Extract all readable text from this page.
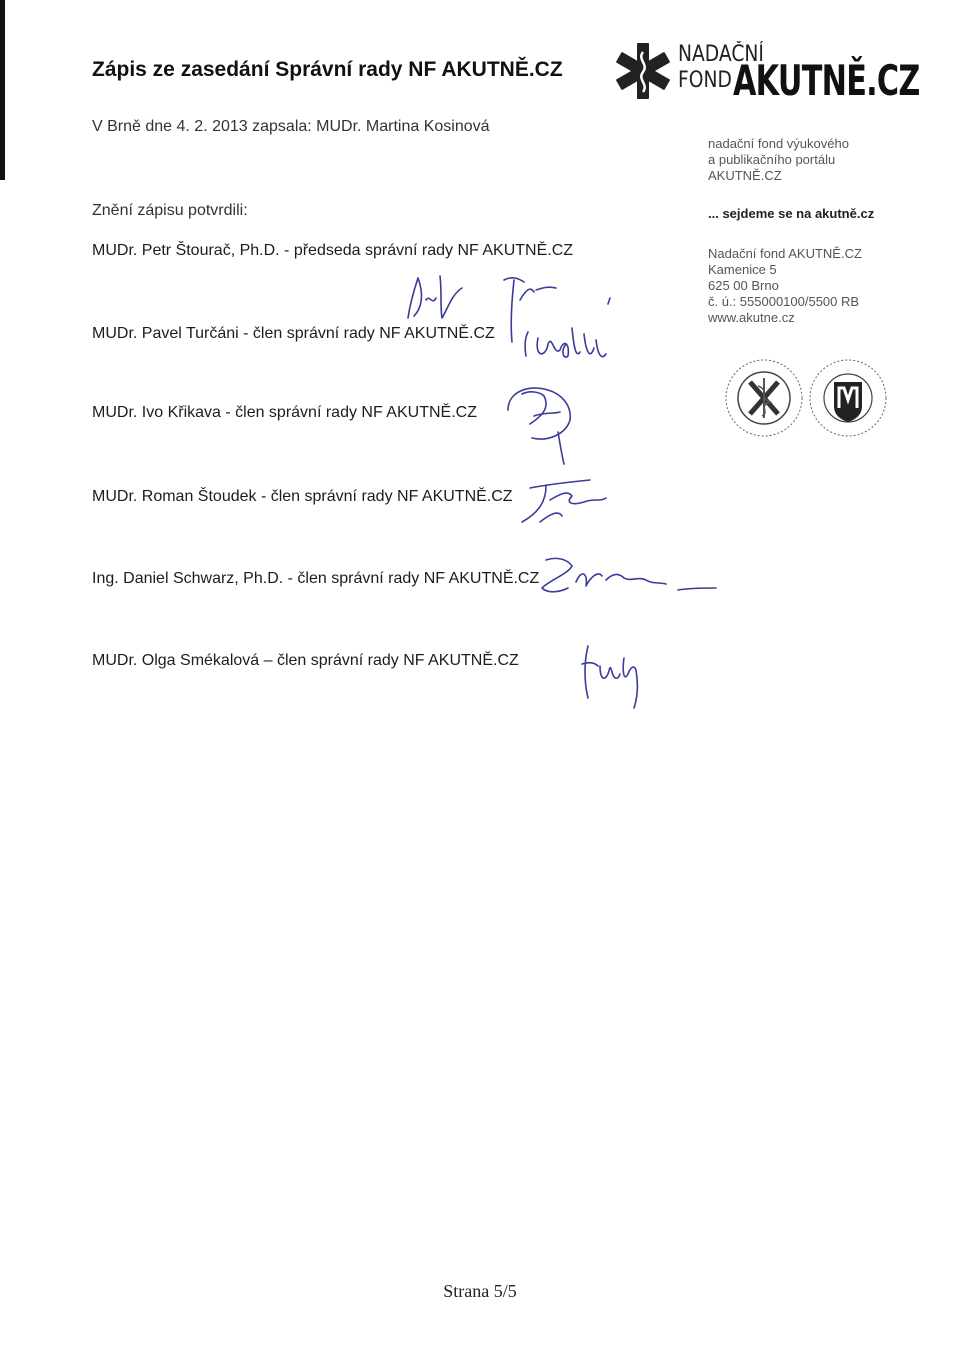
Zápis ze zasedání Správní rady NF AKUTNĚ.CZ
V Brně dne 4. 2. 2013 zapsala: MUDr. Martina Kosinová
Znění zápisu potvrdili:
MUDr. Petr Štourač, Ph.D. - předseda správní rady NF AKUTNĚ.CZ
MUDr. Pavel Turčáni - člen správní rady NF AKUTNĚ.CZ
MUDr. Ivo Křikava - člen správní rady NF AKUTNĚ.CZ
MUDr. Roman Štoudek - člen správní rady NF AKUTNĚ.CZ
Ing. Daniel Schwarz, Ph.D. - člen správní rady NF AKUTNĚ.CZ
MUDr. Olga Smékalová – člen správní rady NF AKUTNĚ.CZ
NADAČNÍ
FOND AKUTNĚ.CZ
nadační fond výukového
a publikačního portálu
AKUTNĚ.CZ
... sejdeme se na akutně.cz
Nadační fond AKUTNĚ.CZ
Kamenice 5
625 00 Brno
č. ú.: 555000100/5500 RB
www.akutne.cz
Strana 5/5
